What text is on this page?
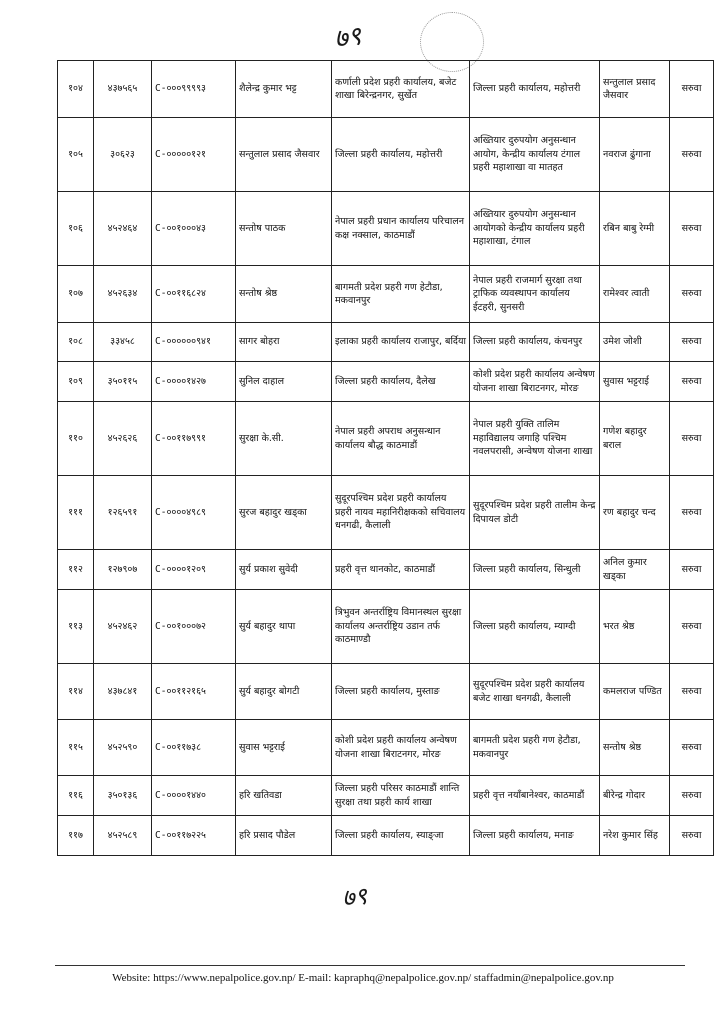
७९
१०४	४३७५६५	C-०००९९९९३	शैलेन्द्र कुमार भट्ट	कर्णाली प्रदेश प्रहरी कार्यालय, बजेट शाखा बिरेन्द्रनगर, सुर्खेत	जिल्ला प्रहरी कार्यालय, महोत्तरी	सन्तुलाल प्रसाद जैसवार	सरुवा
१०५	३०६२३	C-०००००१२१	सन्तुलाल प्रसाद जैसवार	जिल्ला प्रहरी कार्यालय, महोत्तरी	अख्तियार दुरुपयोग अनुसन्धान आयोग, केन्द्रीय कार्यालय टंगाल प्रहरी महाशाखा वा मातहत	नवराज ढुंगाना	सरुवा
१०६	४५२४६४	C-००१०००४३	सन्तोष पाठक	नेपाल प्रहरी प्रधान कार्यालय परिचालन कक्ष नक्साल, काठमाडौं	अख्तियार दुरुपयोग अनुसन्धान आयोगको केन्द्रीय कार्यालय प्रहरी महाशाखा, टंगाल	रबिन बाबु रेग्मी	सरुवा
१०७	४५२६३४	C-००११६८२४	सन्तोष श्रेष्ठ	बागमती प्रदेश प्रहरी गण हेटौडा, मकवानपुर	नेपाल प्रहरी राजमार्ग सुरक्षा तथा ट्राफिक व्यवस्थापन कार्यालय ईटहरी, सुनसरी	रामेश्वर त्वाती	सरुवा
१०८	३३४५८	C-००००००९४१	सागर बोहरा	इलाका प्रहरी कार्यालय राजापुर, बर्दिया	जिल्ला प्रहरी कार्यालय, कंचनपुर	उमेश जोशी	सरुवा
१०९	३५०११५	C-००००१४२७	सुनिल दाहाल	जिल्ला प्रहरी कार्यालय, दैलेख	कोशी प्रदेश प्रहरी कार्यालय अन्वेषण योजना शाखा बिराटनगर, मोरङ	सुवास भट्टराई	सरुवा
११०	४५२६२६	C-००११७९९१	सुरक्षा के.सी.	नेपाल प्रहरी अपराध अनुसन्धान कार्यालय बौद्ध काठमाडौं	नेपाल प्रहरी युक्ति तालिम महाविद्यालय जगाहि पश्चिम नवलपरासी, अन्वेषण योजना शाखा	गणेश बहादुर बराल	सरुवा
१११	१२६५९१	C-००००४९८९	सुरज बहादुर खड्का	सुदूरपश्चिम प्रदेश प्रहरी कार्यालय प्रहरी नायव महानिरीक्षकको सचिवालय धनगढी, कैलाली	सुदूरपश्चिम प्रदेश प्रहरी तालीम केन्द्र दिपायल डोटी	रण बहादुर चन्द	सरुवा
११२	१२७९०७	C-००००१२०९	सुर्य प्रकाश सुवेदी	प्रहरी वृत्त थानकोट, काठमाडौं	जिल्ला प्रहरी कार्यालय, सिन्धुली	अनिल कुमार खड्का	सरुवा
११३	४५२४६२	C-००१०००७२	सुर्य बहादुर थापा	त्रिभुवन अन्तर्राष्ट्रिय विमानस्थल सुरक्षा कार्यालय अन्तर्राष्ट्रिय उडान तर्फ काठमाण्डौ	जिल्ला प्रहरी कार्यालय, म्याग्दी	भरत श्रेष्ठ	सरुवा
११४	४३७८४१	C-००११२१६५	सुर्य बहादुर बोगटी	जिल्ला प्रहरी कार्यालय, मुस्ताङ	सुदूरपश्चिम प्रदेश प्रहरी कार्यालय बजेट शाखा धनगढी, कैलाली	कमलराज पण्डित	सरुवा
११५	४५२५९०	C-००११७३८	सुवास भट्टराई	कोशी प्रदेश प्रहरी कार्यालय अन्वेषण योजना शाखा बिराटनगर, मोरङ	बागमती प्रदेश प्रहरी गण हेटौडा, मकवानपुर	सन्तोष श्रेष्ठ	सरुवा
११६	३५०१३६	C-००००१४४०	हरि खतिवडा	जिल्ला प्रहरी परिसर काठमाडौं शान्ति सुरक्षा तथा प्रहरी कार्य शाखा	प्रहरी वृत्त नयाँबानेश्वर, काठमाडौं	बीरेन्द्र गोदार	सरुवा
११७	४५२५८९	C-००११७२२५	हरि प्रसाद पौडेल	जिल्ला प्रहरी कार्यालय, स्याङ्जा	जिल्ला प्रहरी कार्यालय, मनाङ	नरेश कुमार सिंह	सरुवा
७९
Website: https://www.nepalpolice.gov.np/ E-mail: kapraphq@nepalpolice.gov.np/ staffadmin@nepalpolice.gov.np
